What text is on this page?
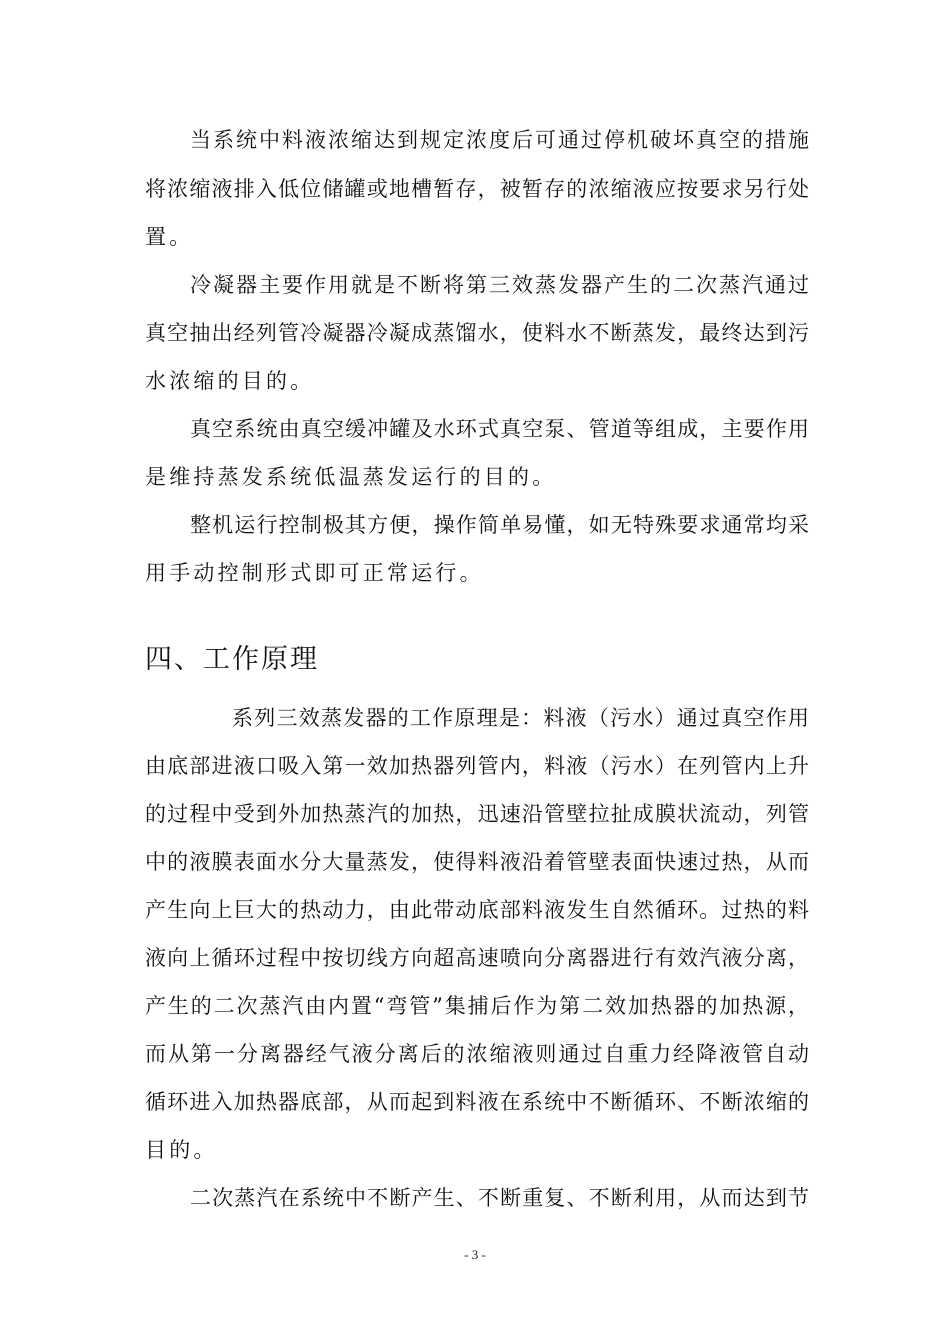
当系统中料液浓缩达到规定浓度后可通过停机破坏真空的措施
将浓缩液排入低位储罐或地槽暂存，被暂存的浓缩液应按要求另行处
置。
冷凝器主要作用就是不断将第三效蒸发器产生的二次蒸汽通过
真空抽出经列管冷凝器冷凝成蒸馏水，使料水不断蒸发，最终达到污
水浓缩的目的。
真空系统由真空缓冲罐及水环式真空泵、管道等组成，主要作用
是维持蒸发系统低温蒸发运行的目的。
整机运行控制极其方便，操作简单易懂，如无特殊要求通常均采
用手动控制形式即可正常运行。
四、工作原理
系列三效蒸发器的工作原理是：料液（污水）通过真空作用
由底部进液口吸入第一效加热器列管内，料液（污水）在列管内上升
的过程中受到外加热蒸汽的加热，迅速沿管壁拉扯成膜状流动，列管
中的液膜表面水分大量蒸发，使得料液沿着管壁表面快速过热，从而
产生向上巨大的热动力，由此带动底部料液发生自然循环。过热的料
液向上循环过程中按切线方向超高速喷向分离器进行有效汽液分离，
产生的二次蒸汽由内置“弯管”集捕后作为第二效加热器的加热源，
而从第一分离器经气液分离后的浓缩液则通过自重力经降液管自动
循环进入加热器底部，从而起到料液在系统中不断循环、不断浓缩的
目的。
二次蒸汽在系统中不断产生、不断重复、不断利用，从而达到节
- 3 -
